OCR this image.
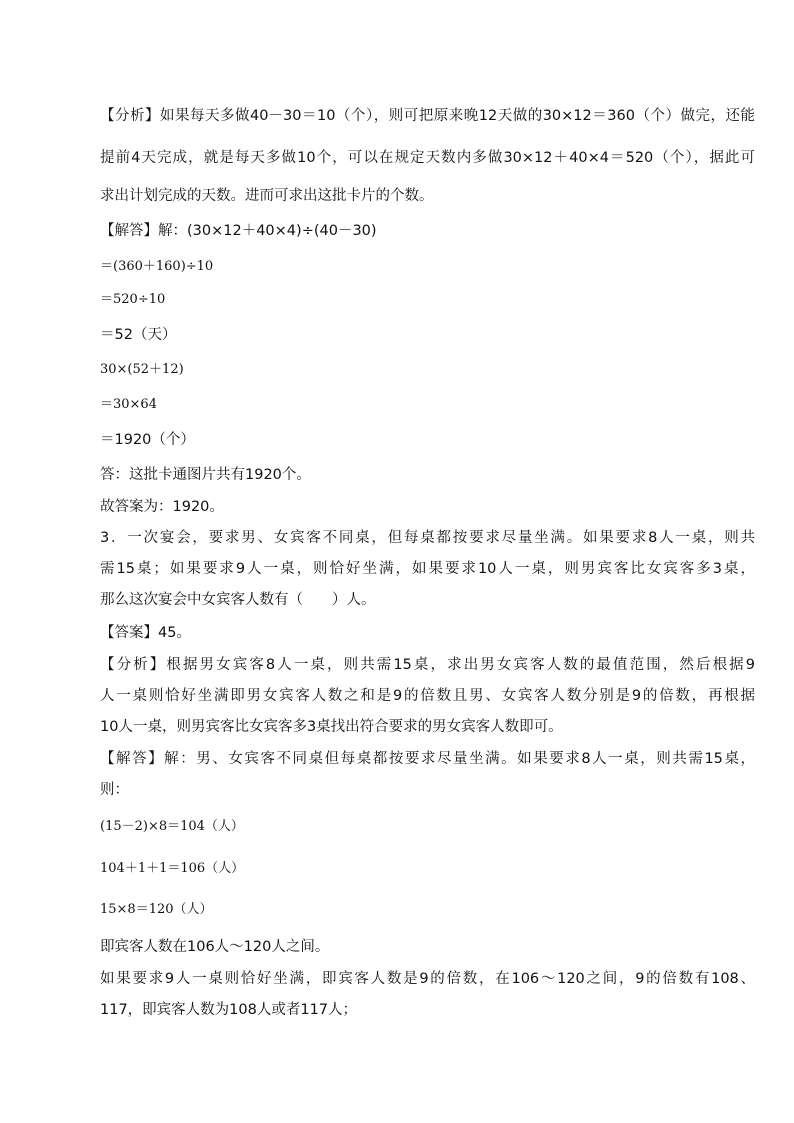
【分析】如果每天多做40－30＝10（个），则可把原来晚12天做的30×12＝360（个）做完，还能
提前4天完成，就是每天多做10个，可以在规定天数内多做30×12＋40×4＝520（个），据此可
求出计划完成的天数。进而可求出这批卡片的个数。
【解答】解：(30×12＋40×4)÷(40－30)
＝(360＋160)÷10
＝520÷10
＝52（天）
30×(52＋12)
＝30×64
＝1920（个）
答：这批卡通图片共有1920个。
故答案为：1920。
3．一次宴会，要求男、女宾客不同桌，但每桌都按要求尽量坐满。如果要求8人一桌，则共
需15桌；如果要求9人一桌，则恰好坐满，如果要求10人一桌，则男宾客比女宾客多3桌，
那么这次宴会中女宾客人数有（　　）人。
【答案】45。
【分析】根据男女宾客8人一桌，则共需15桌，求出男女宾客人数的最值范围，然后根据9
人一桌则恰好坐满即男女宾客人数之和是9的倍数且男、女宾客人数分别是9的倍数，再根据
10人一桌，则男宾客比女宾客多3桌找出符合要求的男女宾客人数即可。
【解答】解：男、女宾客不同桌但每桌都按要求尽量坐满。如果要求8人一桌，则共需15桌，
则：
(15－2)×8＝104（人）
104＋1＋1＝106（人）
15×8＝120（人）
即宾客人数在106人～120人之间。
如果要求9人一桌则恰好坐满，即宾客人数是9的倍数，在106～120之间，9的倍数有108、
117，即宾客人数为108人或者117人；
